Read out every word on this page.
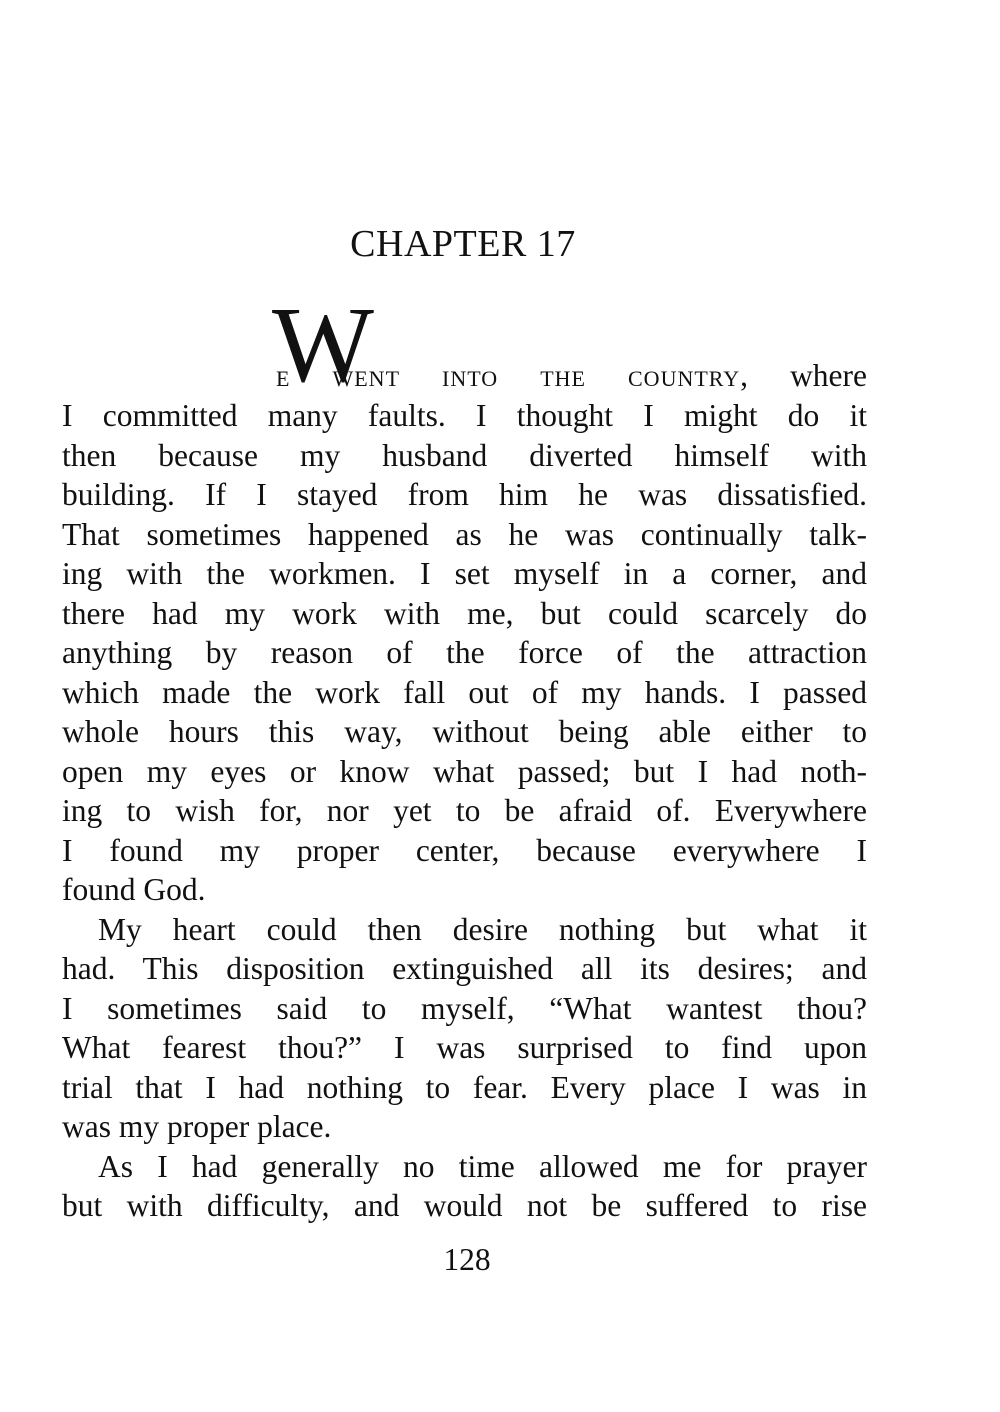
CHAPTER 17
W
e went into the country, where
I committed many faults. I thought I might do it
then because my husband diverted himself with
building. If I stayed from him he was dissatisfied.
That sometimes happened as he was continually talk-
ing with the workmen. I set myself in a corner, and
there had my work with me, but could scarcely do
anything by reason of the force of the attraction
which made the work fall out of my hands. I passed
whole hours this way, without being able either to
open my eyes or know what passed; but I had noth-
ing to wish for, nor yet to be afraid of. Everywhere
I found my proper center, because everywhere I
found God.
My heart could then desire nothing but what it
had. This disposition extinguished all its desires; and
I sometimes said to myself, “What wantest thou?
What fearest thou?” I was surprised to find upon
trial that I had nothing to fear. Every place I was in
was my proper place.
As I had generally no time allowed me for prayer
but with difficulty, and would not be suffered to rise
128
